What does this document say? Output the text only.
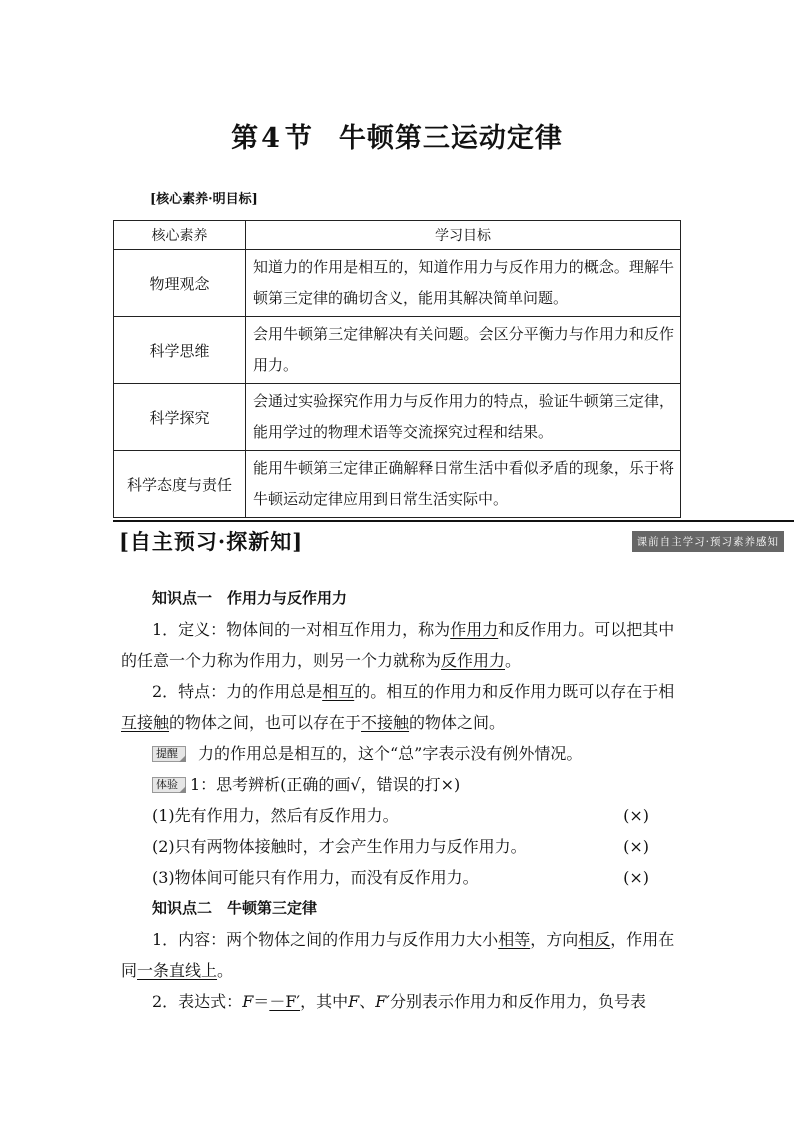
第4 节 牛顿第三运动定律
[核心素养·明目标]
核心素养	学习目标
物理观念	知道力的作用是相互的，知道作用力与反作用力的概念。理解牛顿第三定律的确切含义，能用其解决简单问题。
科学思维	会用牛顿第三定律解决有关问题。会区分平衡力与作用力和反作用力。
科学探究	会通过实验探究作用力与反作用力的特点，验证牛顿第三定律，能用学过的物理术语等交流探究过程和结果。
科学态度与责任	能用牛顿第三定律正确解释日常生活中看似矛盾的现象，乐于将牛顿运动定律应用到日常生活实际中。
[自主预习·探新知]	课前自主学习·预习素养感知

知识点一　作用力与反作用力

1．定义：物体间的一对相互作用力，称为作用力和反作用力。可以把其中的任意一个力称为作用力，则另一个力就称为反作用力。

2．特点：力的作用总是相互的。相互的作用力和反作用力既可以存在于相互接触的物体之间，也可以存在于不接触的物体之间。

提醒 力的作用总是相互的，这个“总”字表示没有例外情况。

体验 1：思考辨析(正确的画√，错误的打×)

(1)先有作用力，然后有反作用力。	(×)
(2)只有两物体接触时，才会产生作用力与反作用力。	(×)
(3)物体间可能只有作用力，而没有反作用力。	(×)

知识点二　牛顿第三定律

1．内容：两个物体之间的作用力与反作用力大小相等，方向相反，作用在同一条直线上。

2．表达式：F＝－F′，其中F、F′分别表示作用力和反作用力，负号表
